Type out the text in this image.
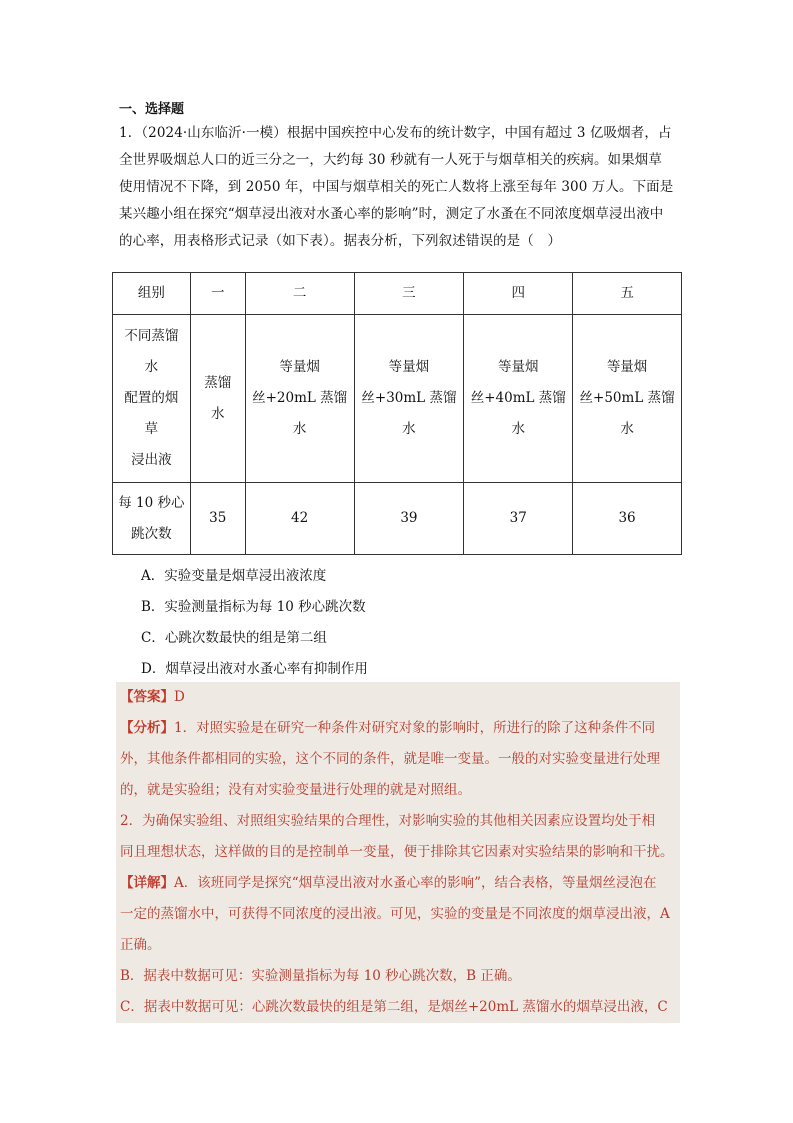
一、选择题

1．（2024·山东临沂·一模）根据中国疾控中心发布的统计数字，中国有超过 3 亿吸烟者，占

全世界吸烟总人口的近三分之一，大约每 30 秒就有一人死于与烟草相关的疾病。如果烟草

使用情况不下降，到 2050 年，中国与烟草相关的死亡人数将上涨至每年 300 万人。下面是

某兴趣小组在探究“烟草浸出液对水蚤心率的影响”时，测定了水蚤在不同浓度烟草浸出液中

的心率，用表格形式记录（如下表）。据表分析，下列叙述错误的是（　）

组别	一	二	三	四	五

不同蒸馏
水
配置的烟
草
浸出液	蒸馏
水	等量烟
丝+20mL 蒸馏
水	等量烟
丝+30mL 蒸馏
水	等量烟
丝+40mL 蒸馏
水	等量烟
丝+50mL 蒸馏
水

每 10 秒心
跳次数	35	42	39	37	36
A．实验变量是烟草浸出液浓度
B．实验测量指标为每 10 秒心跳次数
C．心跳次数最快的组是第二组
D．烟草浸出液对水蚤心率有抑制作用

【答案】D

【分析】1．对照实验是在研究一种条件对研究对象的影响时，所进行的除了这种条件不同

外，其他条件都相同的实验，这个不同的条件，就是唯一变量。一般的对实验变量进行处理

的，就是实验组；没有对实验变量进行处理的就是对照组。

2．为确保实验组、对照组实验结果的合理性，对影响实验的其他相关因素应设置均处于相

同且理想状态，这样做的目的是控制单一变量，便于排除其它因素对实验结果的影响和干扰。

【详解】A．该班同学是探究“烟草浸出液对水蚤心率的影响”，结合表格，等量烟丝浸泡在

一定的蒸馏水中，可获得不同浓度的浸出液。可见，实验的变量是不同浓度的烟草浸出液，A

正确。

B．据表中数据可见：实验测量指标为每 10 秒心跳次数，B 正确。

C．据表中数据可见：心跳次数最快的组是第二组，是烟丝+20mL 蒸馏水的烟草浸出液，C
